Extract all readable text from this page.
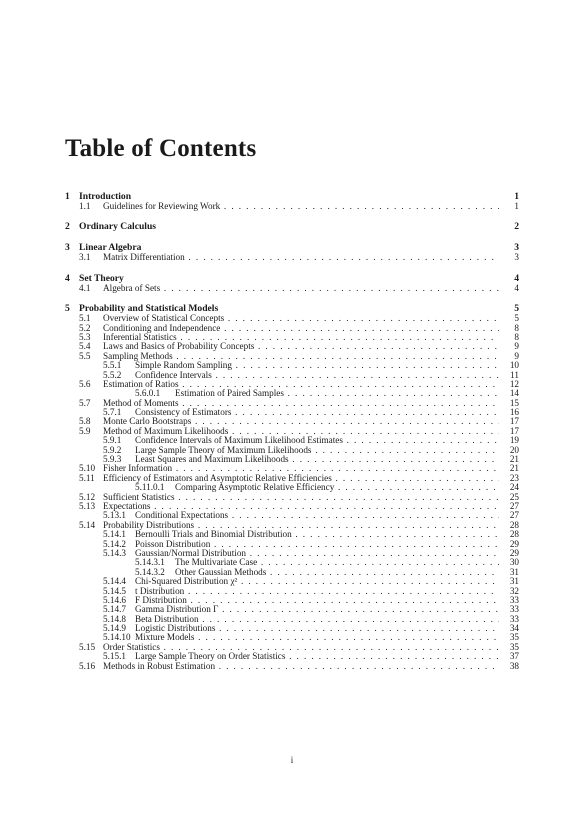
Table of Contents
1 Introduction	1
1.1 Guidelines for Reviewing Work . . .	1
2 Ordinary Calculus	2
3 Linear Algebra	3
3.1 Matrix Differentiation . . .	3
4 Set Theory	4
4.1 Algebra of Sets . . .	4
5 Probability and Statistical Models	5
5.1 Overview of Statistical Concepts . . .	5
5.2 Conditioning and Independence . . .	8
5.3 Inferential Statistics . . .	8
5.4 Laws and Basics of Probability Concepts . . .	9
5.5 Sampling Methods . . .	9
5.5.1 Simple Random Sampling . . .	10
5.5.2 Confidence Intervals . . .	11
5.6 Estimation of Ratios . . .	12
5.6.0.1 Estimation of Paired Samples . . .	14
5.7 Method of Moments . . .	15
5.7.1 Consistency of Estimators . . .	16
5.8 Monte Carlo Bootstraps . . .	17
5.9 Method of Maximum Likelihoods . . .	17
5.9.1 Confidence Intervals of Maximum Likelihood Estimates . . .	19
5.9.2 Large Sample Theory of Maximum Likelihoods . . .	20
5.9.3 Least Squares and Maximum Likelihoods . . .	21
5.10 Fisher Information . . .	21
5.11 Efficiency of Estimators and Asymptotic Relative Efficiencies . . .	23
5.11.0.1 Comparing Asymptotic Relative Efficiency . . .	24
5.12 Sufficient Statistics . . .	25
5.13 Expectations . . .	27
5.13.1 Conditional Expectations . . .	27
5.14 Probability Distributions . . .	28
5.14.1 Bernoulli Trials and Binomial Distribution . . .	28
5.14.2 Poisson Distribution . . .	29
5.14.3 Gaussian/Normal Distribution . . .	29
5.14.3.1 The Multivariate Case . . .	30
5.14.3.2 Other Gaussian Methods . . .	31
5.14.4 Chi-Squared Distribution χ² . . .	31
5.14.5 t Distribution . . .	32
5.14.6 F Distribution . . .	33
5.14.7 Gamma Distribution Γ . . .	33
5.14.8 Beta Distribution . . .	33
5.14.9 Logistic Distributions . . .	34
5.14.10 Mixture Models . . .	35
5.15 Order Statistics . . .	35
5.15.1 Large Sample Theory on Order Statistics . . .	37
5.16 Methods in Robust Estimation . . .	38
i
